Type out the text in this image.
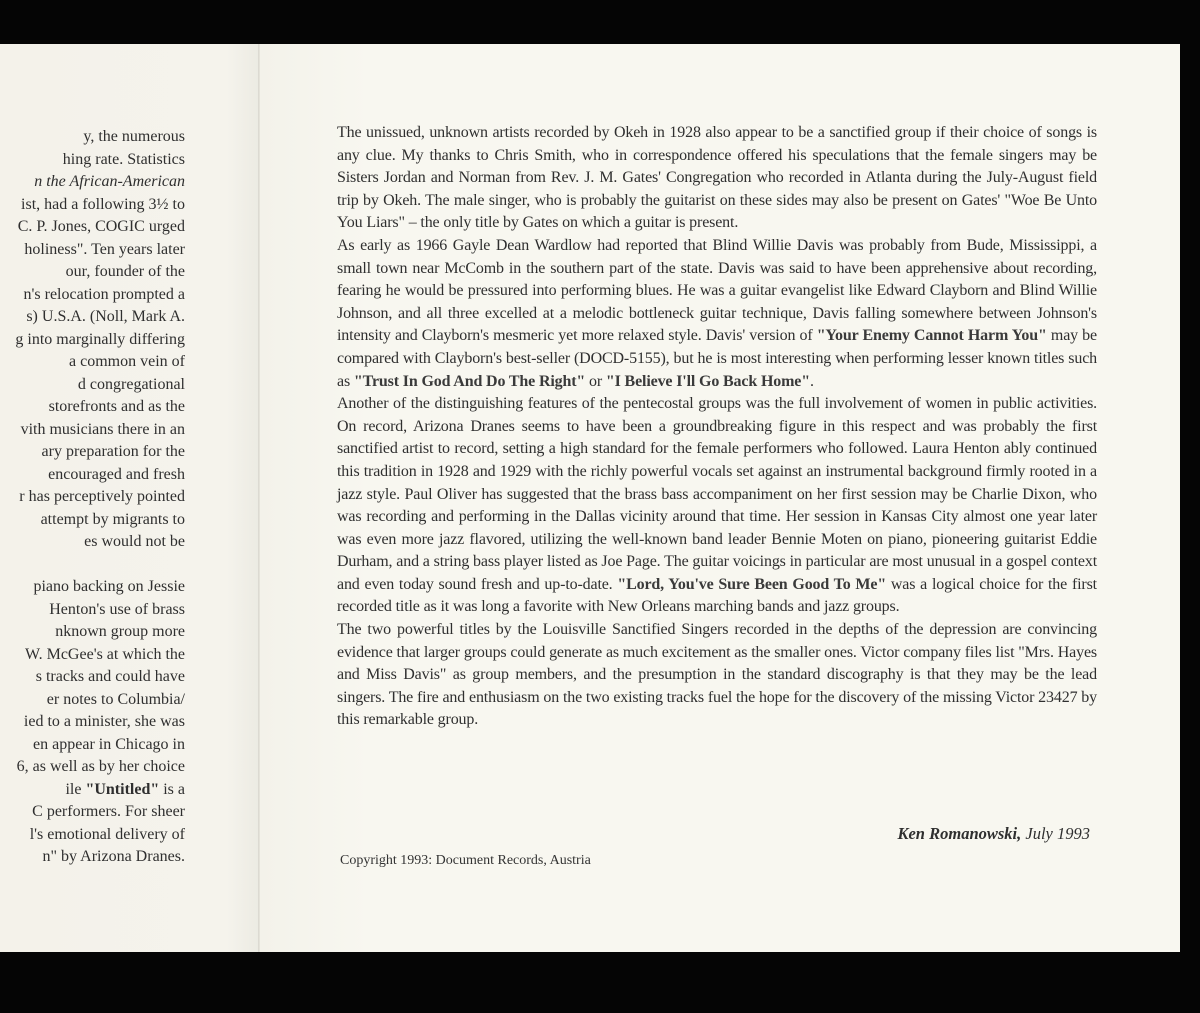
y, the numerous
hing rate. Statistics
n the African-American
ist, had a following 3½ to
C. P. Jones, COGIC urged
holiness". Ten years later
our, founder of the
n's relocation prompted a
s) U.S.A. (Noll, Mark A.
g into marginally differing
a common vein of
d congregational
storefronts and as the
vith musicians there in an
ary preparation for the
encouraged and fresh
r has perceptively pointed
attempt by migrants to
es would not be
piano backing on Jessie
Henton's use of brass
nknown group more
W. McGee's at which the
s tracks and could have
er notes to Columbia/
ied to a minister, she was
en appear in Chicago in
6, as well as by her choice
ile "Untitled" is a
C performers. For sheer
l's emotional delivery of
n" by Arizona Dranes.

The unissued, unknown artists recorded by Okeh in 1928 also appear to be a sanctified group if their choice of songs is any clue. My thanks to Chris Smith, who in correspondence offered his speculations that the female singers may be Sisters Jordan and Norman from Rev. J. M. Gates' Congregation who recorded in Atlanta during the July-August field trip by Okeh. The male singer, who is probably the guitarist on these sides may also be present on Gates' "Woe Be Unto You Liars" – the only title by Gates on which a guitar is present.

As early as 1966 Gayle Dean Wardlow had reported that Blind Willie Davis was probably from Bude, Mississippi, a small town near McComb in the southern part of the state. Davis was said to have been apprehensive about recording, fearing he would be pressured into performing blues. He was a guitar evangelist like Edward Clayborn and Blind Willie Johnson, and all three excelled at a melodic bottleneck guitar technique, Davis falling somewhere between Johnson's intensity and Clayborn's mesmeric yet more relaxed style. Davis' version of "Your Enemy Cannot Harm You" may be compared with Clayborn's best-seller (DOCD-5155), but he is most interesting when performing lesser known titles such as "Trust In God And Do The Right" or "I Believe I'll Go Back Home".

Another of the distinguishing features of the pentecostal groups was the full involvement of women in public activities. On record, Arizona Dranes seems to have been a groundbreaking figure in this respect and was probably the first sanctified artist to record, setting a high standard for the female performers who followed. Laura Henton ably continued this tradition in 1928 and 1929 with the richly powerful vocals set against an instrumental background firmly rooted in a jazz style. Paul Oliver has suggested that the brass bass accompaniment on her first session may be Charlie Dixon, who was recording and performing in the Dallas vicinity around that time. Her session in Kansas City almost one year later was even more jazz flavored, utilizing the well-known band leader Bennie Moten on piano, pioneering guitarist Eddie Durham, and a string bass player listed as Joe Page. The guitar voicings in particular are most unusual in a gospel context and even today sound fresh and up-to-date. "Lord, You've Sure Been Good To Me" was a logical choice for the first recorded title as it was long a favorite with New Orleans marching bands and jazz groups.

The two powerful titles by the Louisville Sanctified Singers recorded in the depths of the depression are convincing evidence that larger groups could generate as much excitement as the smaller ones. Victor company files list "Mrs. Hayes and Miss Davis" as group members, and the presumption in the standard discography is that they may be the lead singers. The fire and enthusiasm on the two existing tracks fuel the hope for the discovery of the missing Victor 23427 by this remarkable group.

Ken Romanowski, July 1993
Copyright 1993: Document Records, Austria
